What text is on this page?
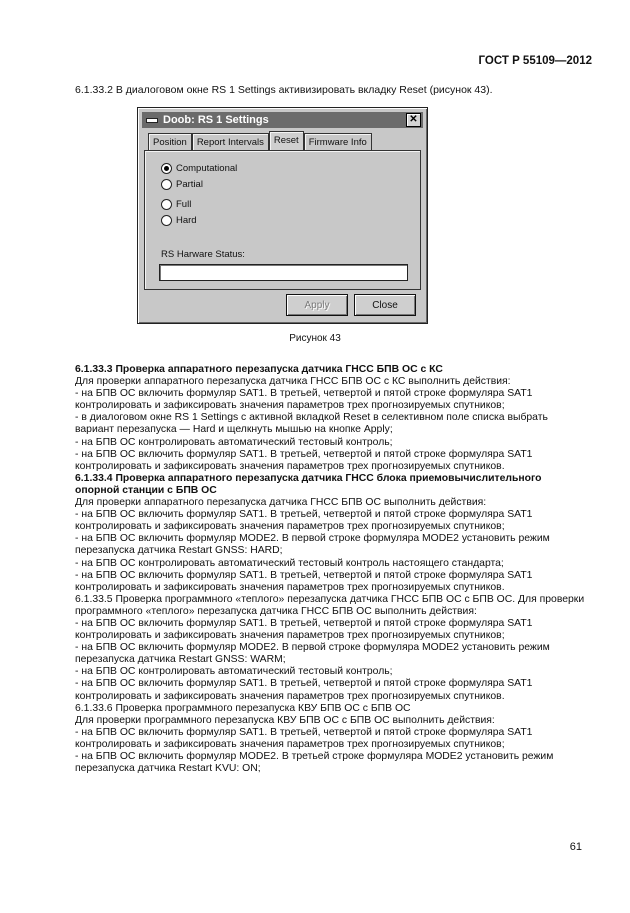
ГОСТ Р 55109—2012
6.1.33.2 В диалоговом окне RS 1 Settings активизировать вкладку Reset (рисунок 43).
Doob: RS 1 Settings	✕
Position	Report Intervals	Reset	Firmware Info
Computational
Partial
Full
Hard
RS Harware Status:
Apply	Close
Рисунок 43

6.1.33.3 Проверка аппаратного перезапуска датчика ГНСС БПВ ОС с КС

Для проверки аппаратного перезапуска датчика ГНСС БПВ ОС с КС выполнить действия:

- на БПВ ОС включить формуляр SAT1. В третьей, четвертой и пятой строке формуляра SAT1 контролировать и зафиксировать значения параметров трех прогнозируемых спутников;

- в диалоговом окне RS 1 Settings с активной вкладкой Reset в селективном поле списка выбрать вариант перезапуска — Hard и щелкнуть мышью на кнопке Apply;

- на БПВ ОС контролировать автоматический тестовый контроль;

- на БПВ ОС включить формуляр SAT1. В третьей, четвертой и пятой строке формуляра SAT1 контролировать и зафиксировать значения параметров трех прогнозируемых спутников.

6.1.33.4 Проверка аппаратного перезапуска датчика ГНСС блока приемовычислительного опорной станции с БПВ ОС

Для проверки аппаратного перезапуска датчика ГНСС БПВ ОС выполнить действия:

- на БПВ ОС включить формуляр SAT1. В третьей, четвертой и пятой строке формуляра SAT1 контролировать и зафиксировать значения параметров трех прогнозируемых спутников;

- на БПВ ОС включить формуляр MODE2. В первой строке формуляра MODE2 установить режим перезапуска датчика Restart GNSS: HARD;

- на БПВ ОС контролировать автоматический тестовый контроль настоящего стандарта;

- на БПВ ОС включить формуляр SAT1. В третьей, четвертой и пятой строке формуляра SAT1 контролировать и зафиксировать значения параметров трех прогнозируемых спутников.

6.1.33.5 Проверка программного «теплого» перезапуска датчика ГНСС БПВ ОС с БПВ ОС. Для проверки программного «теплого» перезапуска датчика ГНСС БПВ ОС выполнить действия:

- на БПВ ОС включить формуляр SAT1. В третьей, четвертой и пятой строке формуляра SAT1 контролировать и зафиксировать значения параметров трех прогнозируемых спутников;

- на БПВ ОС включить формуляр MODE2. В первой строке формуляра MODE2 установить режим перезапуска датчика Restart GNSS: WARM;

- на БПВ ОС контролировать автоматический тестовый контроль;

- на БПВ ОС включить формуляр SAT1. В третьей, четвертой и пятой строке формуляра SAT1 контролировать и зафиксировать значения параметров трех прогнозируемых спутников.

6.1.33.6 Проверка программного перезапуска КВУ БПВ ОС с БПВ ОС

Для проверки программного перезапуска КВУ БПВ ОС с БПВ ОС выполнить действия:

- на БПВ ОС включить формуляр SAT1. В третьей, четвертой и пятой строке формуляра SAT1 контролировать и зафиксировать значения параметров трех прогнозируемых спутников;

- на БПВ ОС включить формуляр MODE2. В третьей строке формуляра MODE2 установить режим перезапуска датчика Restart KVU: ON;

61
